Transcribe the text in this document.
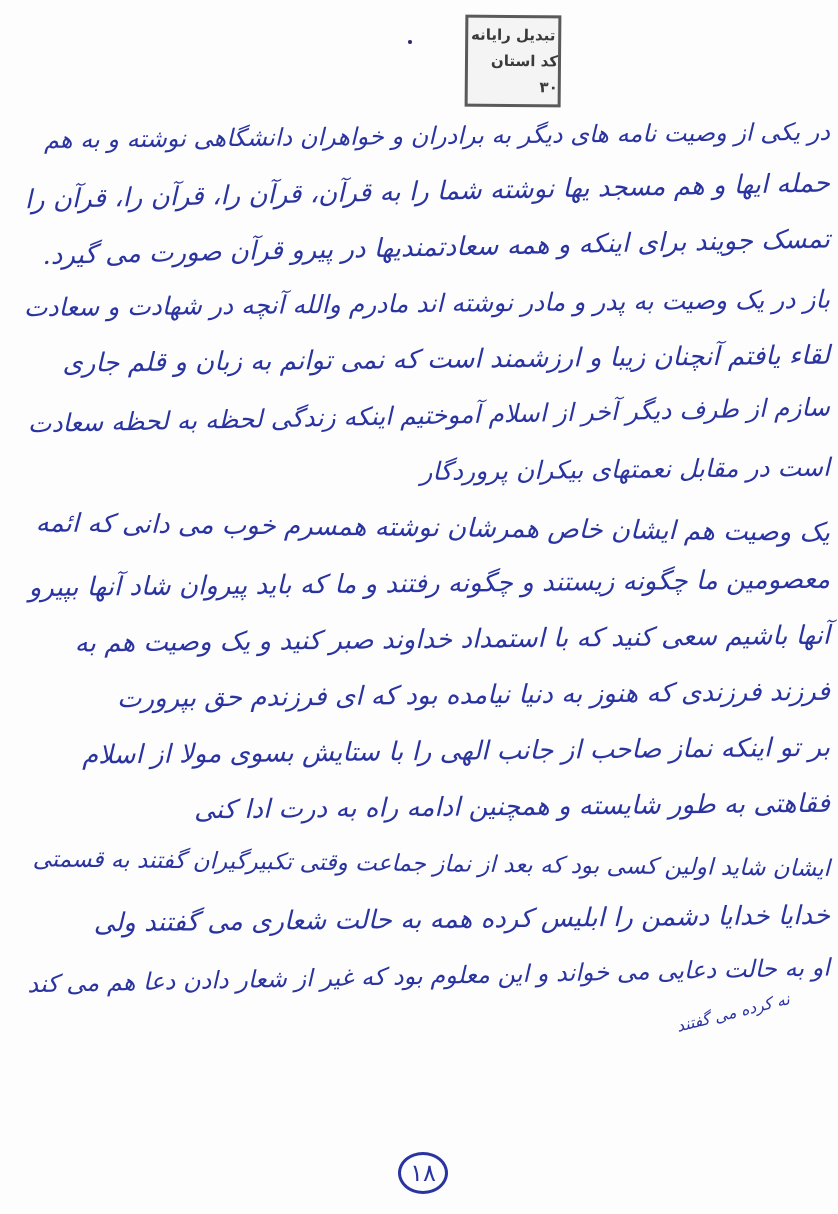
تبدیل رایانه
کد استان ۳۰
در یکی از وصیت نامه های دیگر به برادران و خواهران دانشگاهی نوشته و به هم
حمله ایها و هم مسجد یها نوشته شما را به قرآن، قرآن را، قرآن را، قرآن را
تمسک جویند برای اینکه و همه سعادتمندیها در پیرو قرآن صورت می گیرد.
باز در یک وصیت به پدر و مادر نوشته اند مادرم والله آنچه در شهادت و سعادت
لقاء یافتم آنچنان زیبا و ارزشمند است که نمی توانم به زبان و قلم جاری
سازم از طرف دیگر آخر از اسلام آموختیم اینکه زندگی لحظه به لحظه سعادت
است در مقابل نعمتهای بیکران پروردگار
یک وصیت هم ایشان خاص همرشان نوشته همسرم خوب می دانی که ائمه
معصومین ما چگونه زیستند و چگونه رفتند و ما که باید پیروان شاد آنها بپیرو
آنها باشیم سعی کنید که با استمداد خداوند صبر کنید و یک وصیت هم به
فرزند فرزندی که هنوز به دنیا نیامده بود که ای فرزندم حق بپرورت
بر تو اینکه نماز صاحب از جانب الهی را با ستایش بسوی مولا از اسلام
فقاهتی به طور شایسته و همچنین ادامه راه به درت ادا کنی
ایشان شاید اولین کسی بود که بعد از نماز جماعت وقتی تکبیرگیران گفتند به قسمتی
خدایا خدایا دشمن را ابلیس کرده همه به حالت شعاری می گفتند ولی
او به حالت دعایی می خواند و این معلوم بود که غیر از شعار دادن دعا هم می کند
نه کرده می گفتند
۱۸
